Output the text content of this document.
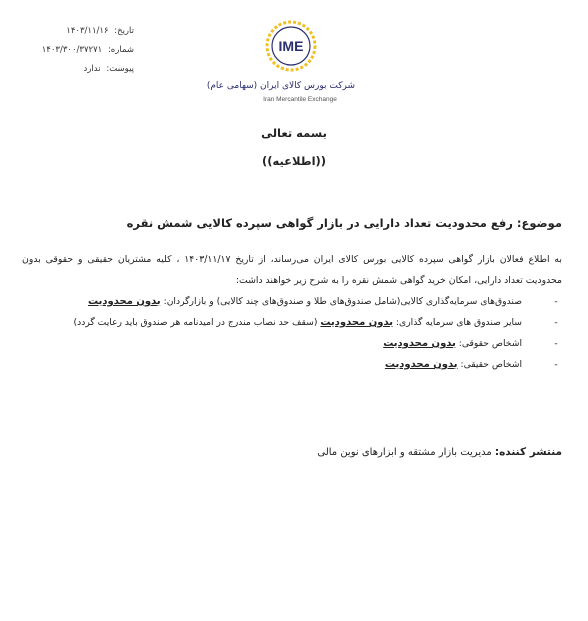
تاریخ: ۱۴۰۳/۱۱/۱۶
شماره: ۱۴۰۳/۳۰۰/۳۷۲۷۱
پیوست: ندارد
IME
شرکت بورس کالای ایران (سهامی عام)
Iran Mercantile Exchange
بسمه تعالی
((اطلاعیه))
موضوع: رفع محدودیت تعداد دارایی در بازار گواهی سپرده کالایی شمش نقره
به اطلاع فعالان بازار گواهی سپرده کالایی بورس کالای ایران می‌رساند، از تاریخ ۱۴۰۳/۱۱/۱۷ ، کلیه مشتریان حقیقی و حقوقی بدون محدودیت تعداد دارایی، امکان خرید گواهی شمش نقره را به شرح زیر خواهند داشت:
-
صندوق‌های سرمایه‌گذاری کالایی(شامل صندوق‌های طلا و صندوق‌های چند کالایی) و بازارگردان: بدون محدودیت
-
سایر صندوق های سرمایه گذاری: بدون محدودیت (سقف حد نصاب مندرج در امیدنامه هر صندوق باید رعایت گردد)
-
اشخاص حقوقی: بدون محدودیت
-
اشخاص حقیقی: بدون محدودیت
منتشر کننده: مدیریت بازار مشتقه و ابزارهای نوین مالی
